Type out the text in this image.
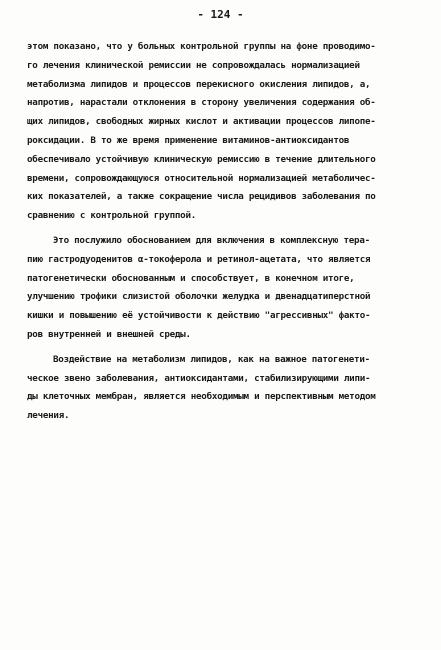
- 124 -
этом показано, что у больных контрольной группы на фоне проводимо-
го лечения клинической ремиссии не сопровождалась нормализацией
метаболизма липидов и процессов перекисного окисления липидов, а,
напротив, нарастали отклонения в сторону увеличения содержания об-
щих липидов, свободных жирных кислот и активации процессов липопе-
роксидации. В то же время применение витаминов-антиоксидантов
обеспечивало устойчивую клиническую ремиссию в течение длительного
времени, сопровождающуюся относительной нормализацией метаболичес-
ких показателей, а также сокращение числа рецидивов заболевания по
сравнению с контрольной группой.
Это послужило обоснованием для включения в комплексную тера-
пию гастродуоденитов α-токоферола и ретинол-ацетата, что является
патогенетически обоснованным и способствует, в конечном итоге,
улучшению трофики слизистой оболочки желудка и двенадцатиперстной
кишки и повышению её устойчивости к действию "агрессивных" факто-
ров внутренней и внешней среды.
Воздействие на метаболизм липидов, как на важное патогенети-
ческое звено заболевания, антиоксидантами, стабилизирующими липи-
ды клеточных мембран, является необходимым и перспективным методом
лечения.
